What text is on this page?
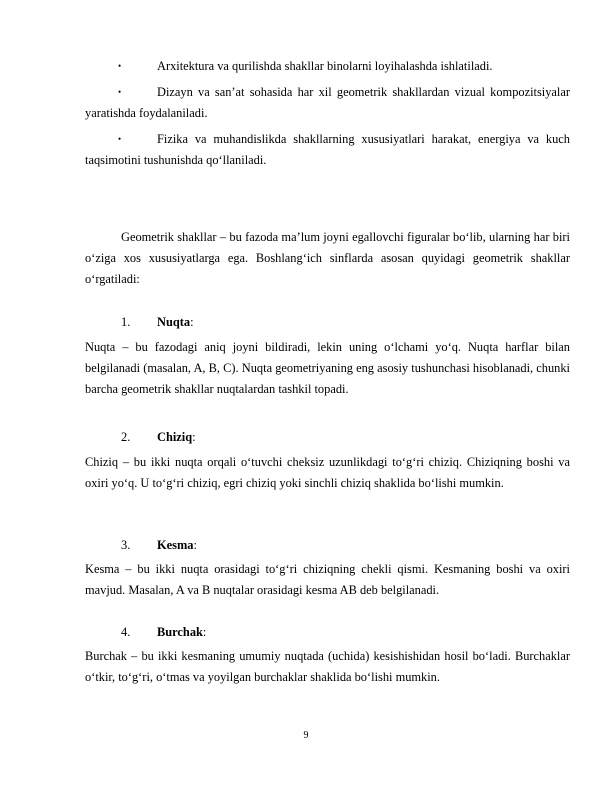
•	Arxitektura va qurilishda shakllar binolarni loyihalashda ishlatiladi.
•	Dizayn va san’at sohasida har xil geometrik shakllardan vizual kompozitsiyalar yaratishda foydalaniladi.
•	Fizika va muhandislikda shakllarning xususiyatlari harakat, energiya va kuch taqsimotini tushunishda qo‘llaniladi.
Geometrik shakllar – bu fazoda ma’lum joyni egallovchi figuralar bo‘lib, ularning har biri o‘ziga xos xususiyatlarga ega. Boshlang‘ich sinflarda asosan quyidagi geometrik shakllar o‘rgatiladi:
1. Nuqta:
Nuqta – bu fazodagi aniq joyni bildiradi, lekin uning o‘lchami yo‘q. Nuqta harflar bilan belgilanadi (masalan, A, B, C). Nuqta geometriyaning eng asosiy tushunchasi hisoblanadi, chunki barcha geometrik shakllar nuqtalardan tashkil topadi.
2. Chiziq:
Chiziq – bu ikki nuqta orqali o‘tuvchi cheksiz uzunlikdagi to‘g‘ri chiziq. Chiziqning boshi va oxiri yo‘q. U to‘g‘ri chiziq, egri chiziq yoki sinchli chiziq shaklida bo‘lishi mumkin.
3. Kesma:
Kesma – bu ikki nuqta orasidagi to‘g‘ri chiziqning chekli qismi. Kesmaning boshi va oxiri mavjud. Masalan, A va B nuqtalar orasidagi kesma AB deb belgilanadi.
4. Burchak:
Burchak – bu ikki kesmaning umumiy nuqtada (uchida) kesishishidan hosil bo‘ladi. Burchaklar o‘tkir, to‘g‘ri, o‘tmas va yoyilgan burchaklar shaklida bo‘lishi mumkin.
9
